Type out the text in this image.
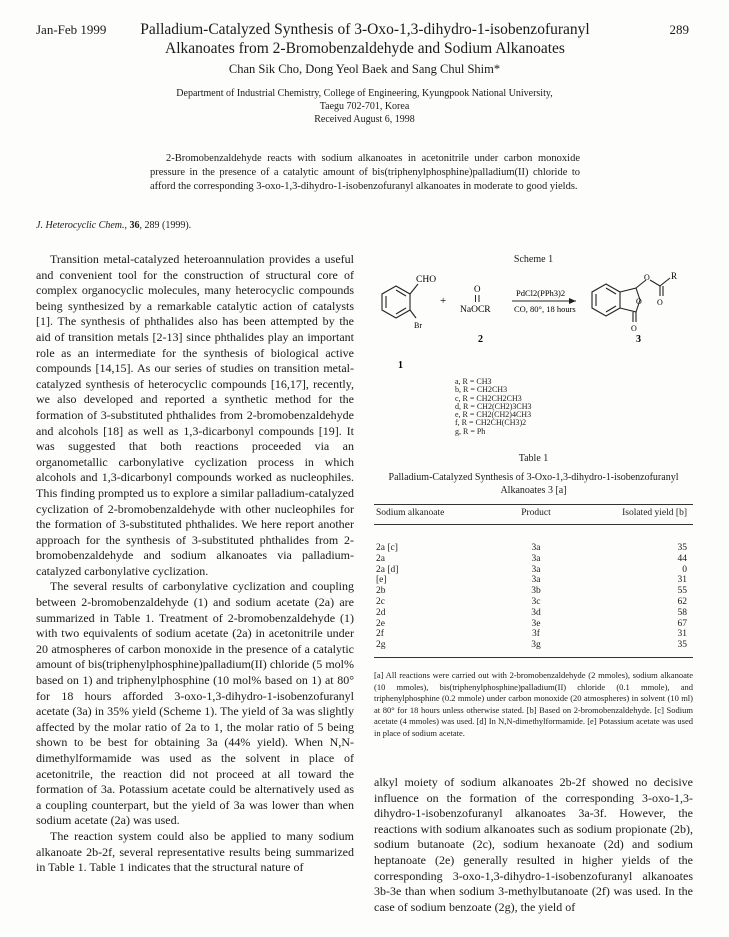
Jan-Feb 1999	289
Palladium-Catalyzed Synthesis of 3-Oxo-1,3-dihydro-1-isobenzofuranyl Alkanoates from 2-Bromobenzaldehyde and Sodium Alkanoates
Chan Sik Cho, Dong Yeol Baek and Sang Chul Shim*
Department of Industrial Chemistry, College of Engineering, Kyungpook National University,
Taegu 702-701, Korea
Received August 6, 1998
2-Bromobenzaldehyde reacts with sodium alkanoates in acetonitrile under carbon monoxide pressure in the presence of a catalytic amount of bis(triphenylphosphine)palladium(II) chloride to afford the corresponding 3-oxo-1,3-dihydro-1-isobenzofuranyl alkanoates in moderate to good yields.
J. Heterocyclic Chem., 36, 289 (1999).

Transition metal-catalyzed heteroannulation provides a useful and convenient tool for the construction of structural core of complex organocyclic molecules, many heterocyclic compounds being synthesized by a remarkable catalytic action of catalysts [1]. The synthesis of phthalides also has been attempted by the aid of transition metals [2-13] since phthalides play an important role as an intermediate for the synthesis of biological active compounds [14,15]. As our series of studies on transition metal-catalyzed synthesis of heterocyclic compounds [16,17], recently, we also developed and reported a synthetic method for the formation of 3-substituted phthalides from 2-bromobenzaldehyde and alcohols [18] as well as 1,3-dicarbonyl compounds [19]. It was suggested that both reactions proceeded via an organometallic carbonylative cyclization process in which alcohols and 1,3-dicarbonyl compounds worked as nucleophiles. This finding prompted us to explore a similar palladium-catalyzed cyclization of 2-bromobenzaldehyde with other nucleophiles for the formation of 3-substituted phthalides. We here report another approach for the synthesis of 3-substituted phthalides from 2-bromobenzaldehyde and sodium alkanoates via palladium-catalyzed carbonylative cyclization.

The several results of carbonylative cyclization and coupling between 2-bromobenzaldehyde (1) and sodium acetate (2a) are summarized in Table 1. Treatment of 2-bromobenzaldehyde (1) with two equivalents of sodium acetate (2a) in acetonitrile under 20 atmospheres of carbon monoxide in the presence of a catalytic amount of bis(triphenylphosphine)palladium(II) chloride (5 mol% based on 1) and triphenylphosphine (10 mol% based on 1) at 80° for 18 hours afforded 3-oxo-1,3-dihydro-1-isobenzofuranyl acetate (3a) in 35% yield (Scheme 1). The yield of 3a was slightly affected by the molar ratio of 2a to 1, the molar ratio of 5 being shown to be best for obtaining 3a (44% yield). When N,N-dimethylformamide was used as the solvent in place of acetonitrile, the reaction did not proceed at all toward the formation of 3a. Potassium acetate could be alternatively used as a coupling counterpart, but the yield of 3a was lower than when sodium acetate (2a) was used.

The reaction system could also be applied to many sodium alkanoate 2b-2f, several representative results being summarized in Table 1. Table 1 indicates that the structural nature of

Scheme 1
CHO
Br
+
O
NaOCR
PdCl2(PPh3)2
CO, 80°, 18 hours
O
O
R
O
O
1
2	3
a, R = CH3
b, R = CH2CH3
c, R = CH2CH2CH3
d, R = CH2(CH2)3CH3
e, R = CH2(CH2)4CH3
f, R = CH2CH(CH3)2
g, R = Ph
Table 1
Palladium-Catalyzed Synthesis of 3-Oxo-1,3-dihydro-1-isobenzofuranyl
Alkanoates 3 [a]
Sodium alkanoate	Product	Isolated yield [b]
2a [c]	3a	35
2a	3a	44
2a [d]	3a	0
[e]	3a	31
2b	3b	55
2c	3c	62
2d	3d	58
2e	3e	67
2f	3f	31
2g	3g	35
[a] All reactions were carried out with 2-bromobenzaldehyde (2 mmoles), sodium alkanoate (10 mmoles), bis(triphenylphosphine)palladium(II) chloride (0.1 mmole), and triphenylphosphine (0.2 mmole) under carbon monoxide (20 atmospheres) in solvent (10 ml) at 80° for 18 hours unless otherwise stated. [b] Based on 2-bromobenzaldehyde. [c] Sodium acetate (4 mmoles) was used. [d] In N,N-dimethylformamide. [e] Potassium acetate was used in place of sodium acetate.

alkyl moiety of sodium alkanoates 2b-2f showed no decisive influence on the formation of the corresponding 3-oxo-1,3-dihydro-1-isobenzofuranyl alkanoates 3a-3f. However, the reactions with sodium alkanoates such as sodium propionate (2b), sodium butanoate (2c), sodium hexanoate (2d) and sodium heptanoate (2e) generally resulted in higher yields of the corresponding 3-oxo-1,3-dihydro-1-isobenzofuranyl alkanoates 3b-3e than when sodium 3-methylbutanoate (2f) was used. In the case of sodium benzoate (2g), the yield of
